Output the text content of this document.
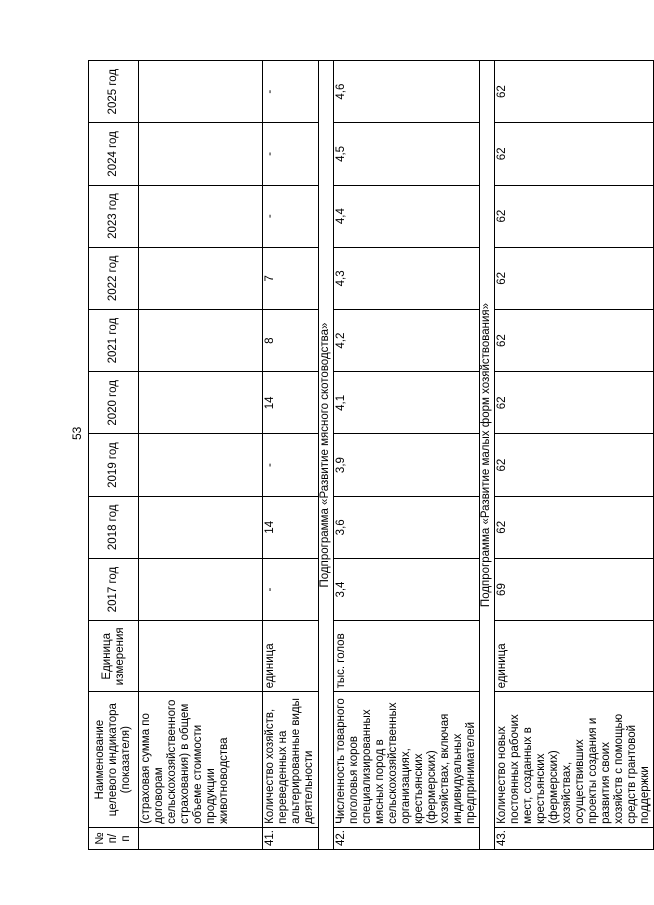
53
№ п/п	Наименование целевого индикатора (показателя)	Единица измерения	2017 год	2018 год	2019 год	2020 год	2021 год	2022 год	2023 год	2024 год	2025 год
	(страховая сумма по договорам сельскохозяйственного страхования) в общем объеме стоимости продукции животноводства										
41.	Количество хозяйств, переведенных на альтерированные виды деятельности	единица	-	14	-	14	8	7	-	-	-
Подпрограмма «Развитие мясного скотоводства»											
42.	Численность товарного поголовья коров специализированных мясных пород в сельскохозяйственных организациях, крестьянских (фермерских) хозяйствах, включая индивидуальных предпринимателей	тыс. голов	3,4	3,6	3,9	4,1	4,2	4,3	4,4	4,5	4,6
Подпрограмма «Развитие малых форм хозяйствования»											
43.	Количество новых постоянных рабочих мест, созданных в крестьянских (фермерских) хозяйствах, осуществивших проекты создания и развития своих хозяйств с помощью средств грантовой поддержки	единица	69	62	62	62	62	62	62	62	62
